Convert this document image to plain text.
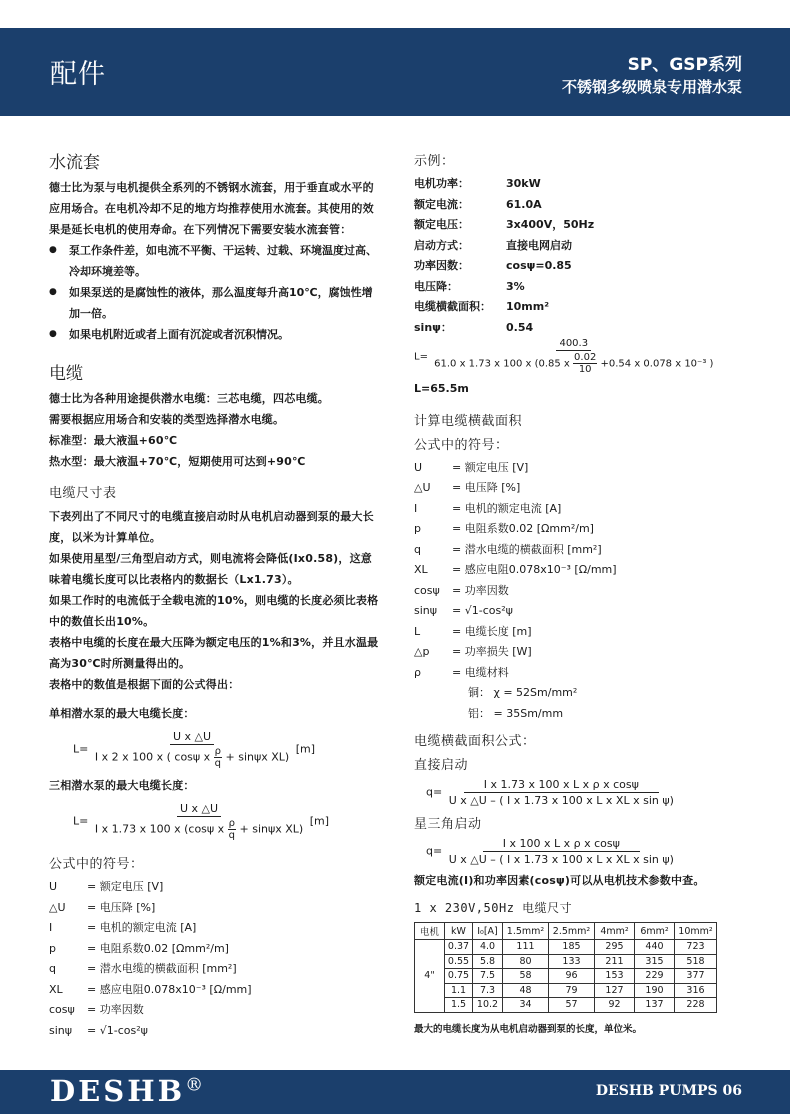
配件	SP、GSP系列
不锈钢多级喷泉专用潜水泵
水流套
德士比为泵与电机提供全系列的不锈钢水流套，用于垂直或水平的应用场合。在电机冷却不足的地方均推荐使用水流套。其使用的效果是延长电机的使用寿命。在下列情况下需要安装水流套管：
● 泵工作条件差，如电流不平衡、干运转、过载、环境温度过高、冷却环境差等。
● 如果泵送的是腐蚀性的液体，那么温度每升高10℃，腐蚀性增加一倍。
● 如果电机附近或者上面有沉淀或者沉积情况。
电缆
德士比为各种用途提供潜水电缆：三芯电缆，四芯电缆。
需要根据应用场合和安装的类型选择潜水电缆。
标准型：最大液温+60℃
热水型：最大液温+70℃，短期使用可达到+90℃
电缆尺寸表
下表列出了不同尺寸的电缆直接启动时从电机启动器到泵的最大长度，以米为计算单位。
如果使用星型/三角型启动方式，则电流将会降低(Ix0.58)，这意味着电缆长度可以比表格内的数据长（Lx1.73）。
如果工作时的电流低于全载电流的10%，则电缆的长度必须比表格中的数值长出10%。
表格中电缆的长度在最大压降为额定电压的1%和3%，并且水温最高为30℃时所测量得出的。
表格中的数值是根据下面的公式得出：
单相潜水泵的最大电缆长度：
$L= \frac{\text{U x △U}}{I x 2 x 100 x ( \cos\psi x \frac{\rho}{q} + \sin\psi x XL)} [m]$
三相潜水泵的最大电缆长度：
$L= \frac{\text{U x △U}}{I x 1.73 x 100 x (\cos\psi x \frac{\rho}{q} + \sin\psi x XL)} [m]$
公式中的符号：
U	= 额定电压 [V]
△U	= 电压降 [%]
I	= 电机的额定电流 [A]
p	= 电阻系数0.02 [Ωmm²/m]
q	= 潜水电缆的横截面积 [mm²]
XL	= 感应电阻0.078x10⁻³ [Ω/mm]
cosψ	= 功率因数
sinψ	= √1-cos²ψ
示例：
电机功率：	30kW
额定电流：	61.0A
额定电压：	3x400V，50Hz
启动方式：	直接电网启动
功率因数：	cosψ=0.85
电压降：	3%
电缆横截面积：	10mm²
sinψ：	0.54
L=
400.3
61.0 x 1.73 x 100 x (0.85 x $\frac{0.02}{10} +0.54$ x 0.078 x 10⁻³ )
L=65.5m
计算电缆横截面积
公式中的符号：
U	= 额定电压 [V]
△U	= 电压降 [%]
I	= 电机的额定电流 [A]
p	= 电阻系数0.02 [Ωmm²/m]
q	= 潜水电缆的横截面积 [mm²]
XL	= 感应电阻0.078x10⁻³ [Ω/mm]
cosψ	= 功率因数
sinψ	= √1-cos²ψ
L	= 电缆长度 [m]
△p	= 功率损失 [W]
ρ	= 电缆材料
铜： χ = 52Sm/mm²
铝： = 35Sm/mm
电缆横截面积公式：
直接启动
$q= \frac{\text{I x 1.73 x 100 x L x ρ x cosψ}}{\text{U x △U – ( I x 1.73 x 100 x L x XL x sin ψ)}}$
星三角启动
$q= \frac{\text{I x 100 x L x ρ x cosψ}}{\text{U x △U – ( I x 1.73 x 100 x L x XL x sin ψ)}}$
额定电流(I)和功率因素(cosψ)可以从电机技术参数中查。
1 x 230V,50Hz 电缆尺寸
电机	kW	I₀[A]	1.5mm²	2.5mm²	4mm²	6mm²	10mm²
4"	0.37	4.0	111	185	295	440	723
	0.55	5.8	80	133	211	315	518
	0.75	7.5	58	96	153	229	377
	1.1	7.3	48	79	127	190	316
	1.5	10.2	34	57	92	137	228
最大的电缆长度为从电机启动器到泵的长度，单位米。
DESHB®	DESHB PUMPS 06
